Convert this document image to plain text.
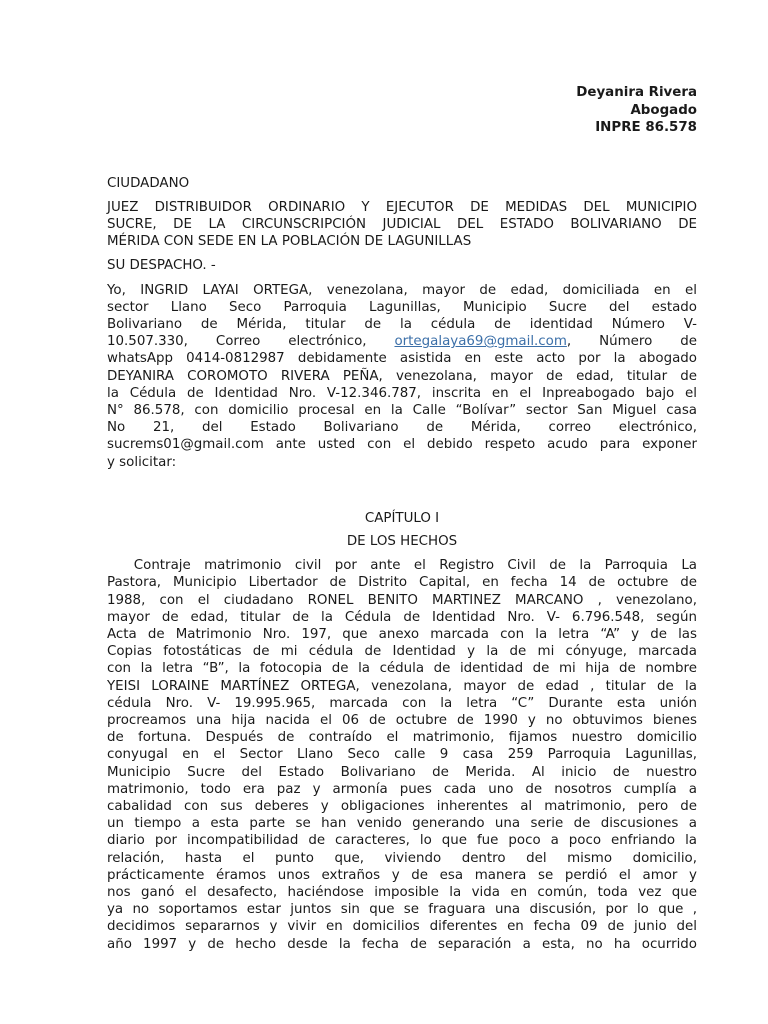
Deyanira Rivera
Abogado
INPRE 86.578
CIUDADANO
JUEZ DISTRIBUIDOR ORDINARIO Y EJECUTOR DE MEDIDAS DEL MUNICIPIO
SUCRE, DE LA CIRCUNSCRIPCIÓN JUDICIAL DEL ESTADO BOLIVARIANO DE
MÉRIDA CON SEDE EN LA POBLACIÓN DE LAGUNILLAS
SU DESPACHO. -
Yo, INGRID LAYAI ORTEGA, venezolana, mayor de edad, domiciliada en el
sector Llano Seco Parroquia Lagunillas, Municipio Sucre del estado
Bolivariano de Mérida, titular de la cédula de identidad Número V-
10.507.330, Correo electrónico, ortegalaya69@gmail.com, Número de
whatsApp 0414-0812987 debidamente asistida en este acto por la abogado
DEYANIRA COROMOTO RIVERA PEÑA, venezolana, mayor de edad, titular de
la Cédula de Identidad Nro. V-12.346.787, inscrita en el Inpreabogado bajo el
N° 86.578, con domicilio procesal en la Calle “Bolívar” sector San Miguel casa
No 21, del Estado Bolivariano de Mérida, correo electrónico,
sucrems01@gmail.com ante usted con el debido respeto acudo para exponer
y solicitar:
CAPÍTULO I
DE LOS HECHOS
Contraje matrimonio civil por ante el Registro Civil de la Parroquia La
Pastora, Municipio Libertador de Distrito Capital, en fecha 14 de octubre de
1988, con el ciudadano RONEL BENITO MARTINEZ MARCANO , venezolano,
mayor de edad, titular de la Cédula de Identidad Nro. V- 6.796.548, según
Acta de Matrimonio Nro. 197, que anexo marcada con la letra “A” y de las
Copias fotostáticas de mi cédula de Identidad y la de mi cónyuge, marcada
con la letra “B”, la fotocopia de la cédula de identidad de mi hija de nombre
YEISI LORAINE MARTÍNEZ ORTEGA, venezolana, mayor de edad , titular de la
cédula Nro. V- 19.995.965, marcada con la letra “C” Durante esta unión
procreamos una hija nacida el 06 de octubre de 1990 y no obtuvimos bienes
de fortuna. Después de contraído el matrimonio, fijamos nuestro domicilio
conyugal en el Sector Llano Seco calle 9 casa 259 Parroquia Lagunillas,
Municipio Sucre del Estado Bolivariano de Merida. Al inicio de nuestro
matrimonio, todo era paz y armonía pues cada uno de nosotros cumplía a
cabalidad con sus deberes y obligaciones inherentes al matrimonio, pero de
un tiempo a esta parte se han venido generando una serie de discusiones a
diario por incompatibilidad de caracteres, lo que fue poco a poco enfriando la
relación, hasta el punto que, viviendo dentro del mismo domicilio,
prácticamente éramos unos extraños y de esa manera se perdió el amor y
nos ganó el desafecto, haciéndose imposible la vida en común, toda vez que
ya no soportamos estar juntos sin que se fraguara una discusión, por lo que ,
decidimos separarnos y vivir en domicilios diferentes en fecha 09 de junio del
año 1997 y de hecho desde la fecha de separación a esta, no ha ocurrido
